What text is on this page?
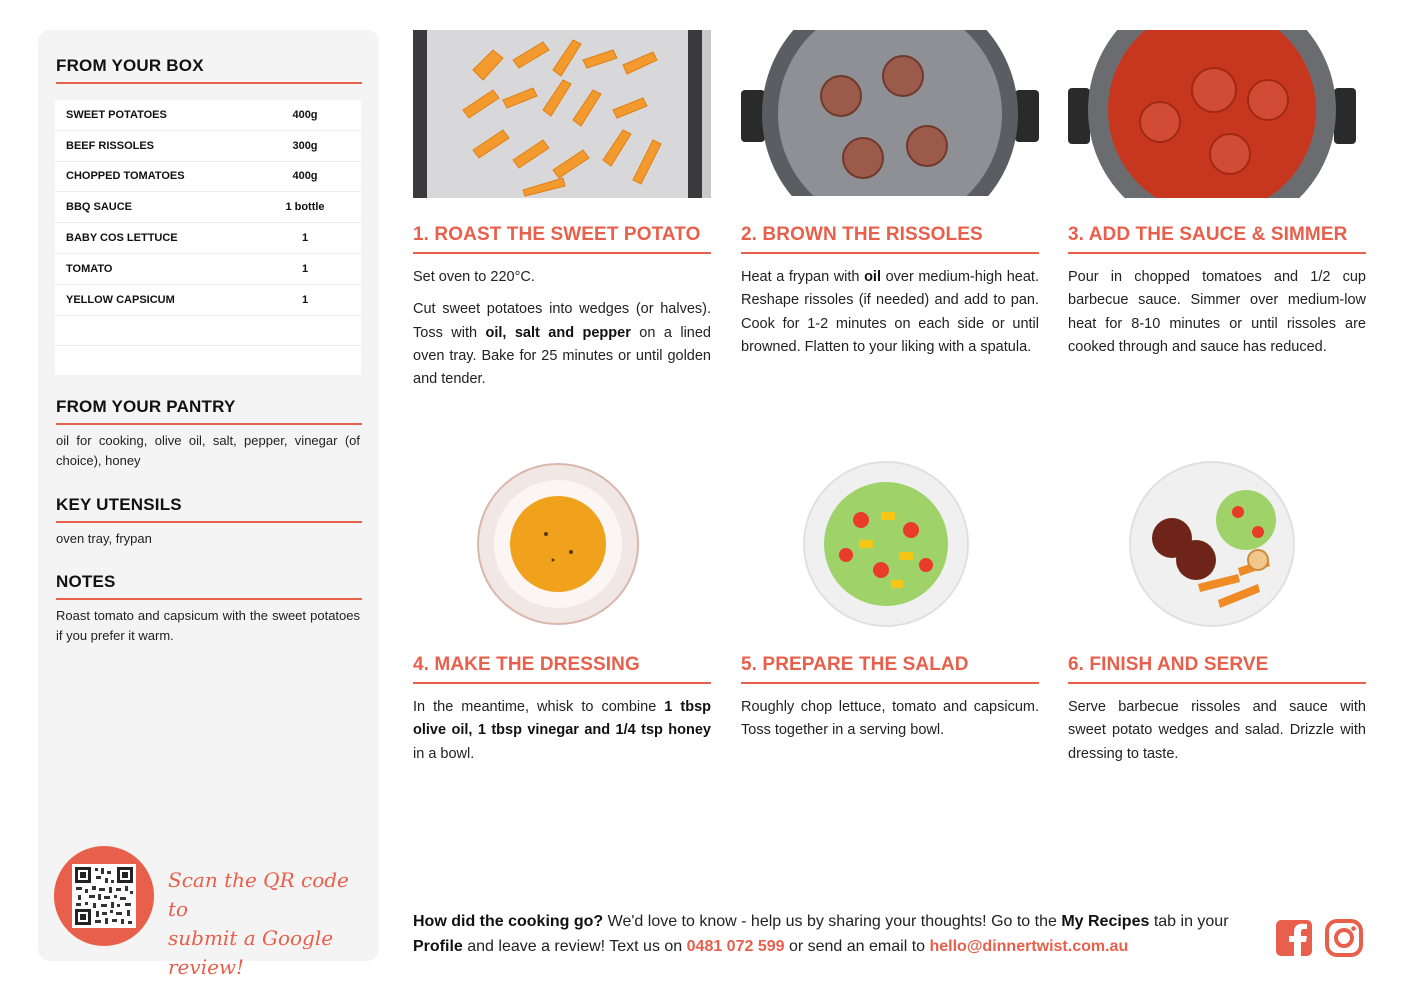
FROM YOUR BOX
SWEET POTATOES	400g
BEEF RISSOLES	300g
CHOPPED TOMATOES	400g
BBQ SAUCE	1 bottle
BABY COS LETTUCE	1
TOMATO	1
YELLOW CAPSICUM	1
FROM YOUR PANTRY
oil for cooking, olive oil, salt, pepper, vinegar (of choice), honey
KEY UTENSILS
oven tray, frypan
NOTES
Roast tomato and capsicum with the sweet potatoes if you prefer it warm.
Scan the QR code to
submit a Google review!
1. ROAST THE SWEET POTATO	2. BROWN THE RISSOLES	3. ADD THE SAUCE & SIMMER
4. MAKE THE DRESSING	5. PREPARE THE SALAD	6. FINISH AND SERVE

Set oven to 220°C.

Cut sweet potatoes into wedges (or halves). Toss with oil, salt and pepper on a lined oven tray. Bake for 25 minutes or until golden and tender.

Heat a frypan with oil over medium-high heat. Reshape rissoles (if needed) and add to pan. Cook for 1-2 minutes on each side or until browned. Flatten to your liking with a spatula.

Pour in chopped tomatoes and 1/2 cup barbecue sauce. Simmer over medium-low heat for 8-10 minutes or until rissoles are cooked through and sauce has reduced.

In the meantime, whisk to combine 1 tbsp olive oil, 1 tbsp vinegar and 1/4 tsp honey in a bowl.

Roughly chop lettuce, tomato and capsicum. Toss together in a serving bowl.

Serve barbecue rissoles and sauce with sweet potato wedges and salad. Drizzle with dressing to taste.

How did the cooking go? We'd love to know - help us by sharing your thoughts! Go to the My Recipes tab in your Profile and leave a review! Text us on 0481 072 599 or send an email to hello@dinnertwist.com.au
